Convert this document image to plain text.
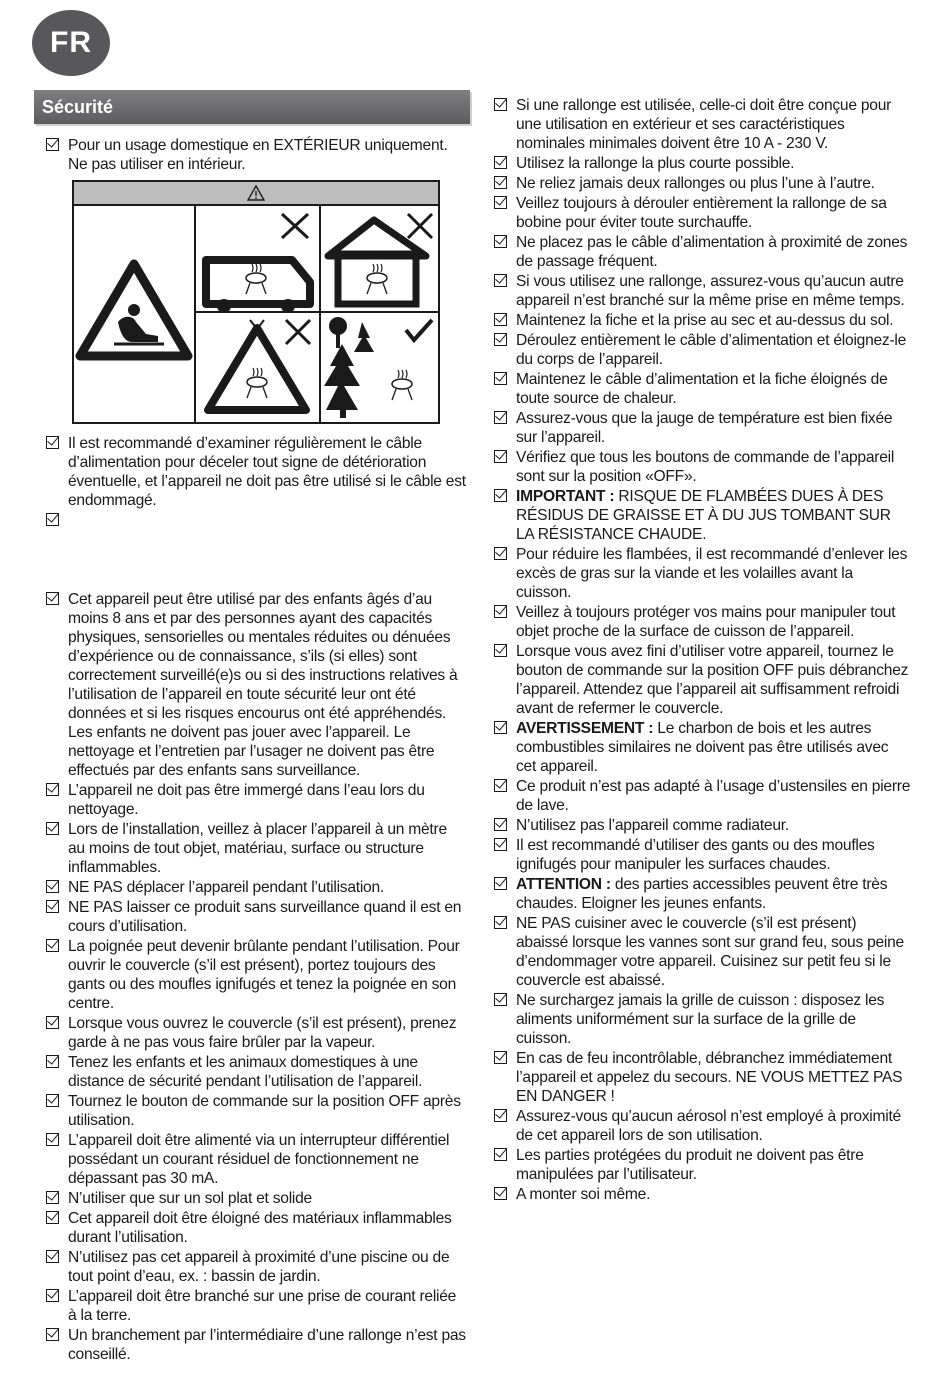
FR
Sécurité
Pour un usage domestique en EXTÉRIEUR uniquement. Ne pas utiliser en intérieur.
Il est recommandé d’examiner régulièrement le câble d’alimentation pour déceler tout signe de détérioration éventuelle, et l’appareil ne doit pas être utilisé si le câble est endommagé.
Cet appareil peut être utilisé par des enfants âgés d’au moins 8 ans et par des personnes ayant des capacités physiques, sensorielles ou mentales réduites ou dénuées d’expérience ou de connaissance, s’ils (si elles) sont correctement surveillé(e)s ou si des instructions relatives à l’utilisation de l’appareil en toute sécurité leur ont été données et si les risques encourus ont été appréhendés. Les enfants ne doivent pas jouer avec l’appareil. Le nettoyage et l’entretien par l’usager ne doivent pas être effectués par des enfants sans surveillance.
L’appareil ne doit pas être immergé dans l’eau lors du nettoyage.
Lors de l’installation, veillez à placer l’appareil à un mètre au moins de tout objet, matériau, surface ou structure inflammables.
NE PAS déplacer l’appareil pendant l’utilisation.
NE PAS laisser ce produit sans surveillance quand il est en cours d’utilisation.
La poignée peut devenir brûlante pendant l’utilisation. Pour ouvrir le couvercle (s’il est présent), portez toujours des gants ou des moufles ignifugés et tenez la poignée en son centre.
Lorsque vous ouvrez le couvercle (s’il est présent), prenez garde à ne pas vous faire brûler par la vapeur.
Tenez les enfants et les animaux domestiques à une distance de sécurité pendant l’utilisation de l’appareil.
Tournez le bouton de commande sur la position OFF après utilisation.
L’appareil doit être alimenté via un interrupteur différentiel possédant un courant résiduel de fonctionnement ne dépassant pas 30 mA.
N’utiliser que sur un sol plat et solide
Cet appareil doit être éloigné des matériaux inflammables durant l’utilisation.
N’utilisez pas cet appareil à proximité d’une piscine ou de tout point d’eau, ex. : bassin de jardin.
L’appareil doit être branché sur une prise de courant reliée à la terre.
Un branchement par l’intermédiaire d’une rallonge n’est pas conseillé.
Si une rallonge est utilisée, celle-ci doit être conçue pour une utilisation en extérieur et ses caractéristiques nominales minimales doivent être 10 A - 230 V.
Utilisez la rallonge la plus courte possible.
Ne reliez jamais deux rallonges ou plus l’une à l’autre.
Veillez toujours à dérouler entièrement la rallonge de sa bobine pour éviter toute surchauffe.
Ne placez pas le câble d’alimentation à proximité de zones de passage fréquent.
Si vous utilisez une rallonge, assurez-vous qu’aucun autre appareil n’est branché sur la même prise en même temps.
Maintenez la fiche et la prise au sec et au-dessus du sol.
Déroulez entièrement le câble d’alimentation et éloignez-le du corps de l’appareil.
Maintenez le câble d’alimentation et la fiche éloignés de toute source de chaleur.
Assurez-vous que la jauge de température est bien fixée sur l’appareil.
Vérifiez que tous les boutons de commande de l’appareil sont sur la position «OFF».
IMPORTANT : RISQUE DE FLAMBÉES DUES À DES RÉSIDUS DE GRAISSE ET À DU JUS TOMBANT SUR LA RÉSISTANCE CHAUDE.
Pour réduire les flambées, il est recommandé d’enlever les excès de gras sur la viande et les volailles avant la cuisson.
Veillez à toujours protéger vos mains pour manipuler tout objet proche de la surface de cuisson de l’appareil.
Lorsque vous avez fini d’utiliser votre appareil, tournez le bouton de commande sur la position OFF puis débranchez l’appareil. Attendez que l’appareil ait suffisamment refroidi avant de refermer le couvercle.
AVERTISSEMENT : Le charbon de bois et les autres combustibles similaires ne doivent pas être utilisés avec cet appareil.
Ce produit n’est pas adapté à l’usage d’ustensiles en pierre de lave.
N’utilisez pas l’appareil comme radiateur.
Il est recommandé d’utiliser des gants ou des moufles ignifugés pour manipuler les surfaces chaudes.
ATTENTION : des parties accessibles peuvent être très chaudes. Eloigner les jeunes enfants.
NE PAS cuisiner avec le couvercle (s’il est présent) abaissé lorsque les vannes sont sur grand feu, sous peine d’endommager votre appareil. Cuisinez sur petit feu si le couvercle est abaissé.
Ne surchargez jamais la grille de cuisson : disposez les aliments uniformément sur la surface de la grille de cuisson.
En cas de feu incontrôlable, débranchez immédiatement l’appareil et appelez du secours. NE VOUS METTEZ PAS EN DANGER !
Assurez-vous qu’aucun aérosol n’est employé à proximité de cet appareil lors de son utilisation.
Les parties protégées du produit ne doivent pas être manipulées par l’utilisateur.
A monter soi même.
